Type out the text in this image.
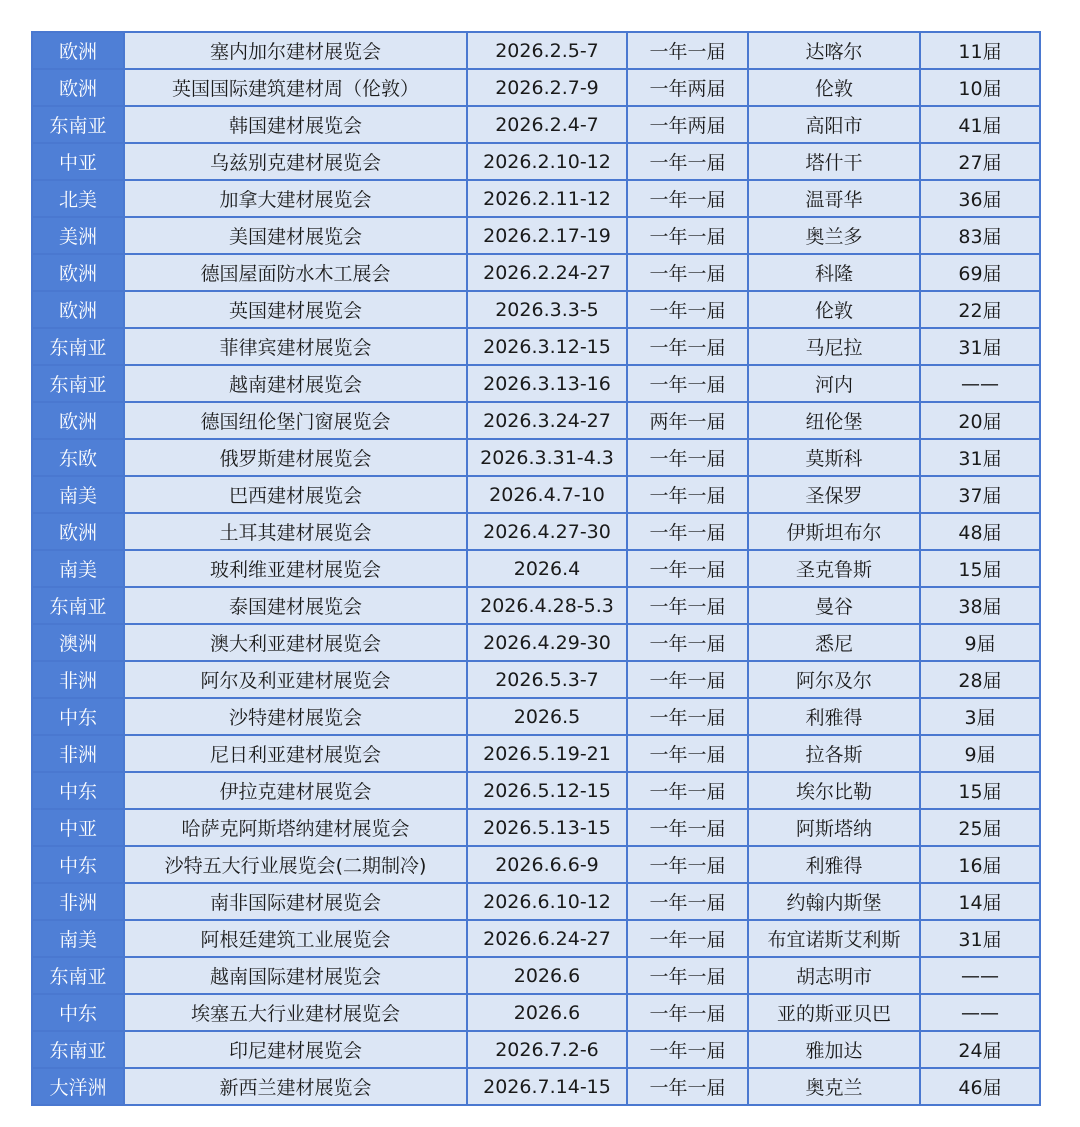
欧洲	塞内加尔建材展览会	2026.2.5-7	一年一届	达喀尔	11届
欧洲	英国国际建筑建材周（伦敦）	2026.2.7-9	一年两届	伦敦	10届
东南亚	韩国建材展览会	2026.2.4-7	一年两届	高阳市	41届
中亚	乌兹别克建材展览会	2026.2.10-12	一年一届	塔什干	27届
北美	加拿大建材展览会	2026.2.11-12	一年一届	温哥华	36届
美洲	美国建材展览会	2026.2.17-19	一年一届	奥兰多	83届
欧洲	德国屋面防水木工展会	2026.2.24-27	一年一届	科隆	69届
欧洲	英国建材展览会	2026.3.3-5	一年一届	伦敦	22届
东南亚	菲律宾建材展览会	2026.3.12-15	一年一届	马尼拉	31届
东南亚	越南建材展览会	2026.3.13-16	一年一届	河内	——
欧洲	德国纽伦堡门窗展览会	2026.3.24-27	两年一届	纽伦堡	20届
东欧	俄罗斯建材展览会	2026.3.31-4.3	一年一届	莫斯科	31届
南美	巴西建材展览会	2026.4.7-10	一年一届	圣保罗	37届
欧洲	土耳其建材展览会	2026.4.27-30	一年一届	伊斯坦布尔	48届
南美	玻利维亚建材展览会	2026.4	一年一届	圣克鲁斯	15届
东南亚	泰国建材展览会	2026.4.28-5.3	一年一届	曼谷	38届
澳洲	澳大利亚建材展览会	2026.4.29-30	一年一届	悉尼	9届
非洲	阿尔及利亚建材展览会	2026.5.3-7	一年一届	阿尔及尔	28届
中东	沙特建材展览会	2026.5	一年一届	利雅得	3届
非洲	尼日利亚建材展览会	2026.5.19-21	一年一届	拉各斯	9届
中东	伊拉克建材展览会	2026.5.12-15	一年一届	埃尔比勒	15届
中亚	哈萨克阿斯塔纳建材展览会	2026.5.13-15	一年一届	阿斯塔纳	25届
中东	沙特五大行业展览会(二期制冷)	2026.6.6-9	一年一届	利雅得	16届
非洲	南非国际建材展览会	2026.6.10-12	一年一届	约翰内斯堡	14届
南美	阿根廷建筑工业展览会	2026.6.24-27	一年一届	布宜诺斯艾利斯	31届
东南亚	越南国际建材展览会	2026.6	一年一届	胡志明市	——
中东	埃塞五大行业建材展览会	2026.6	一年一届	亚的斯亚贝巴	——
东南亚	印尼建材展览会	2026.7.2-6	一年一届	雅加达	24届
大洋洲	新西兰建材展览会	2026.7.14-15	一年一届	奥克兰	46届
